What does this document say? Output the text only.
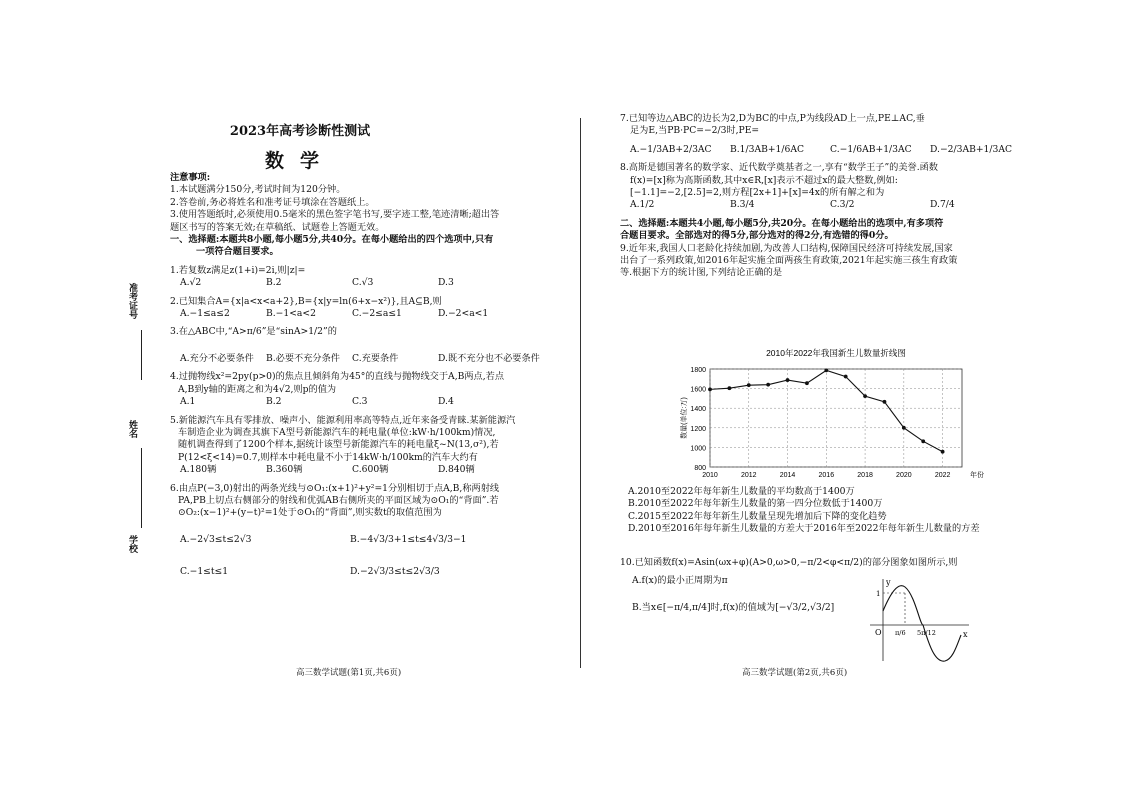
准考证号
姓名
学校
2023年高考诊断性测试
数学

注意事项:

1.本试题满分150分,考试时间为120分钟。

2.答卷前,务必将姓名和准考证号填涂在答题纸上。

3.使用答题纸时,必须使用0.5毫米的黑色签字笔书写,要字迹工整,笔迹清晰;超出答

题区书写的答案无效;在草稿纸、试题卷上答题无效。

一、选择题:本题共8小题,每小题5分,共40分。在每小题给出的四个选项中,只有

一项符合题目要求。

1.若复数z满足z(1+i)=2i,则|z|=

A.√2	B.2	C.√3	D.3

2.已知集合A={x|a<x<a+2},B={x|y=ln(6+x−x²)},且A⊆B,则

A.−1≤a≤2	B.−1<a<2	C.−2≤a≤1	D.−2<a<1

3.在△ABC中,“A>π/6”是“sinA>1/2”的

A.充分不必要条件	B.必要不充分条件	C.充要条件	D.既不充分也不必要条件

4.过抛物线x²=2py(p>0)的焦点且倾斜角为45°的直线与抛物线交于A,B两点,若点

A,B到y轴的距离之和为4√2,则p的值为

A.1	B.2	C.3	D.4

5.新能源汽车具有零排放、噪声小、能源利用率高等特点,近年来备受青睐.某新能源汽

车制造企业为调查其旗下A型号新能源汽车的耗电量(单位:kW·h/100km)情况,

随机调查得到了1200个样本,据统计该型号新能源汽车的耗电量ξ~N(13,σ²),若

P(12<ξ<14)=0.7,则样本中耗电量不小于14kW·h/100km的汽车大约有

A.180辆	B.360辆	C.600辆	D.840辆

6.由点P(−3,0)射出的两条光线与⊙O₁:(x+1)²+y²=1分别相切于点A,B,称两射线

PA,PB上切点右侧部分的射线和优弧AB右侧所夹的平面区域为⊙O₁的“背面”.若

⊙O₂:(x−1)²+(y−t)²=1处于⊙O₁的“背面”,则实数t的取值范围为

A.−2√3≤t≤2√3	B.−4√3/3+1≤t≤4√3/3−1
C.−1≤t≤1	D.−2√3/3≤t≤2√3/3
高三数学试题(第1页,共6页)

7.已知等边△ABC的边长为2,D为BC的中点,P为线段AD上一点,PE⊥AC,垂

足为E,当PB·PC=−2/3时,PE=

A.−1/3AB+2/3AC	B.1/3AB+1/6AC	C.−1/6AB+1/3AC	D.−2/3AB+1/3AC

8.高斯是德国著名的数学家、近代数学奠基者之一,享有“数学王子”的美誉.函数

f(x)=[x]称为高斯函数,其中x∈R,[x]表示不超过x的最大整数,例如:

[−1.1]=−2,[2.5]=2,则方程[2x+1]+[x]=4x的所有解之和为

A.1/2	B.3/4	C.3/2	D.7/4

二、选择题:本题共4小题,每小题5分,共20分。在每小题给出的选项中,有多项符

合题目要求。全部选对的得5分,部分选对的得2分,有选错的得0分。

9.近年来,我国人口老龄化持续加剧,为改善人口结构,保障国民经济可持续发展,国家

出台了一系列政策,如2016年起实施全面两孩生育政策,2021年起实施三孩生育政策

等.根据下方的统计图,下列结论正确的是

2010年2022年我国新生儿数量折线图
800
1000
1200
1400
1600
1800
2010	2012	2014	2016	2018	2020	2022	年份
数量(单位:万)

A.2010至2022年每年新生儿数量的平均数高于1400万

B.2010至2022年每年新生儿数量的第一四分位数低于1400万

C.2015至2022年每年新生儿数量呈现先增加后下降的变化趋势

D.2010至2016年每年新生儿数量的方差大于2016年至2022年每年新生儿数量的方差

10.已知函数f(x)=Asin(ωx+φ)(A>0,ω>0,−π/2<φ<π/2)的部分图象如图所示,则

A.f(x)的最小正周期为π

B.当x∈[−π/4,π/4]时,f(x)的值域为[−√3/2,√3/2]

y
x
O
1
π/6 5π/12
高三数学试题(第2页,共6页)
